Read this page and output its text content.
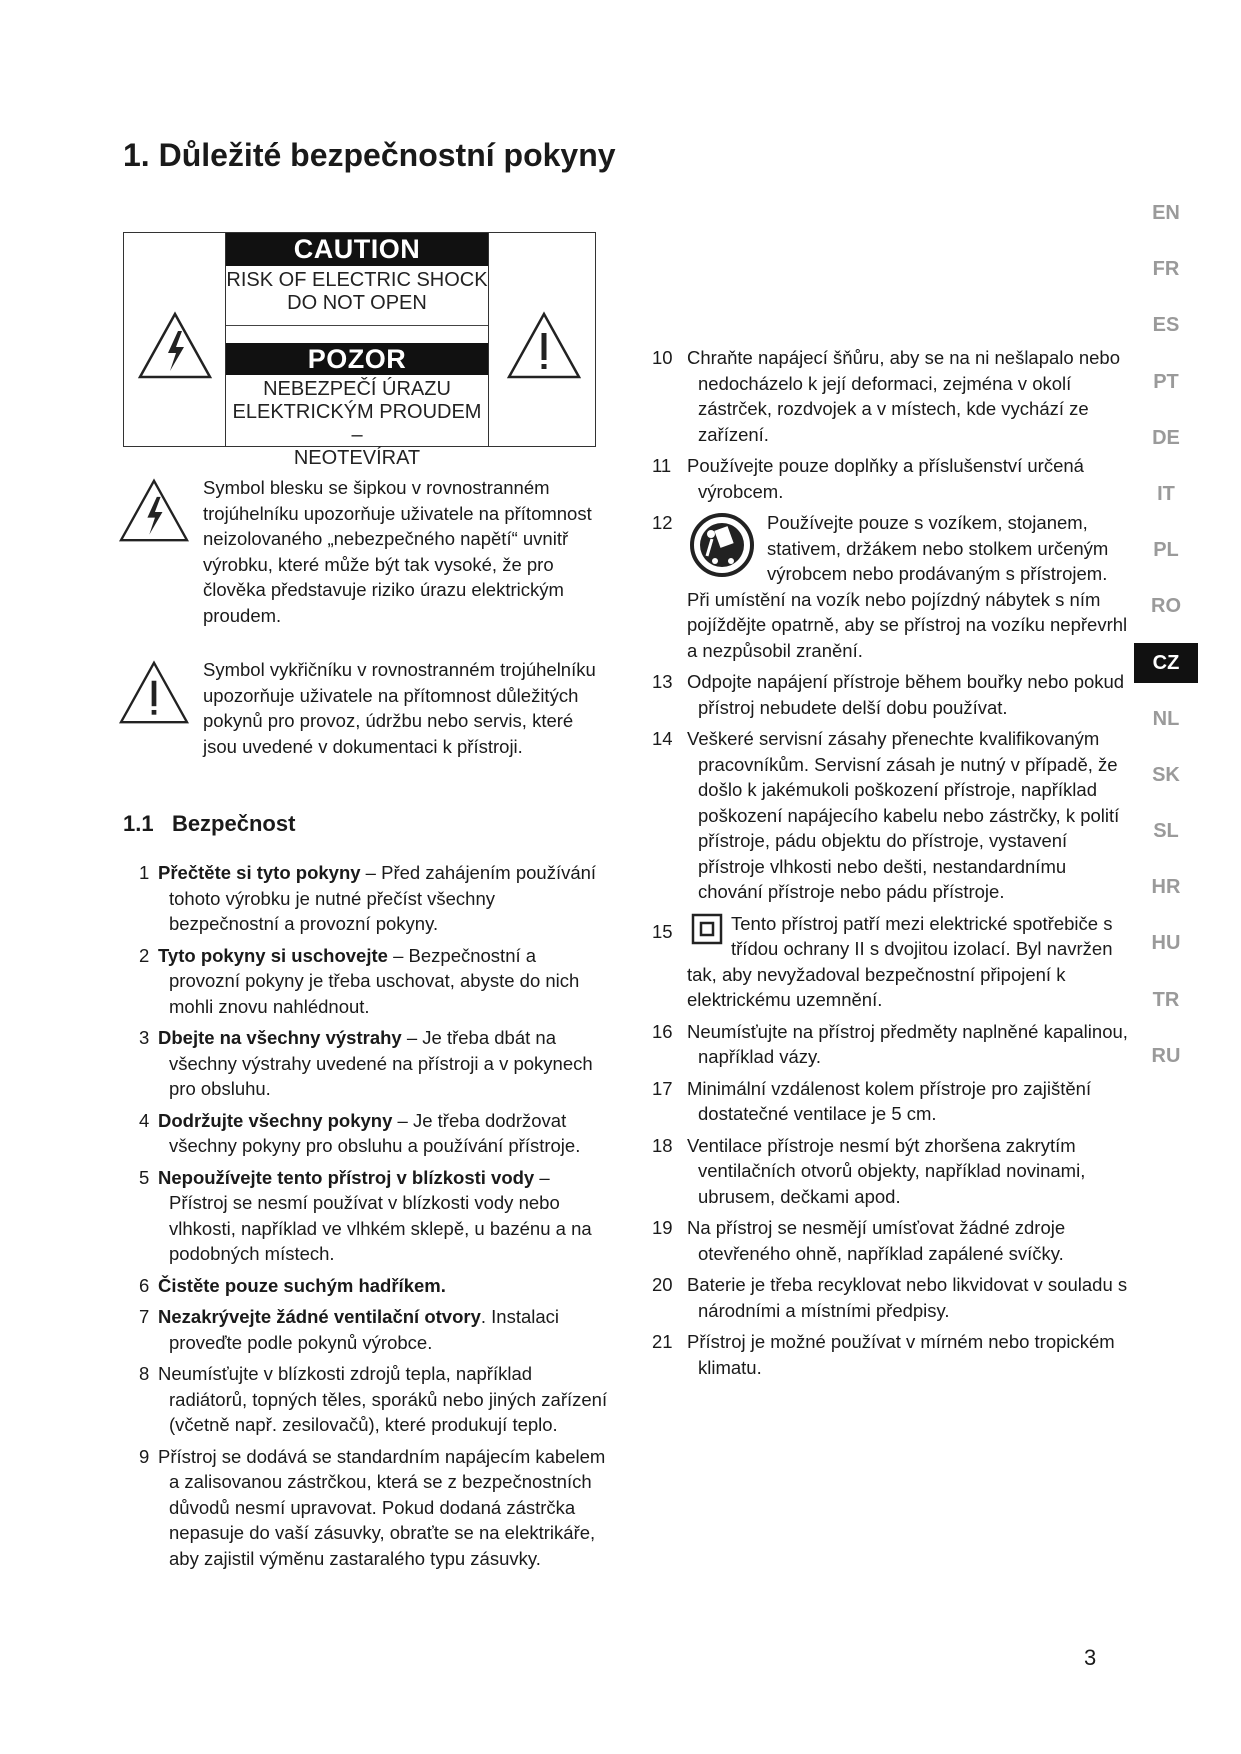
1. Důležité bezpečnostní pokyny
CAUTION
RISK OF ELECTRIC SHOCK
DO NOT OPEN
POZOR
NEBEZPEČÍ ÚRAZU
ELEKTRICKÝM PROUDEM –
NEOTEVÍRAT

Symbol blesku se šipkou v rovnostranném trojúhelníku upozorňuje uživatele na přítomnost neizolovaného „nebezpečného napětí“ uvnitř výrobku, které může být tak vysoké, že pro člověka představuje riziko úrazu elektrickým proudem.

Symbol vykřičníku v rovnostranném trojúhelníku upozorňuje uživatele na přítomnost důležitých pokynů pro provoz, údržbu nebo servis, které jsou uvedené v dokumentaci k přístroji.

1.1 Bezpečnost
1 Přečtěte si tyto pokyny – Před zahájením používání tohoto výrobku je nutné přečíst všechny bezpečnostní a provozní pokyny.
2 Tyto pokyny si uschovejte – Bezpečnostní a provozní pokyny je třeba uschovat, abyste do nich mohli znovu nahlédnout.
3 Dbejte na všechny výstrahy – Je třeba dbát na všechny výstrahy uvedené na přístroji a v pokynech pro obsluhu.
4 Dodržujte všechny pokyny – Je třeba dodržovat všechny pokyny pro obsluhu a používání přístroje.
5 Nepoužívejte tento přístroj v blízkosti vody – Přístroj se nesmí používat v blízkosti vody nebo vlhkosti, například ve vlhkém sklepě, u bazénu a na podobných místech.
6 Čistěte pouze suchým hadříkem.
7 Nezakrývejte žádné ventilační otvory. Instalaci proveďte podle pokynů výrobce.
8 Neumísťujte v blízkosti zdrojů tepla, například radiátorů, topných těles, sporáků nebo jiných zařízení (včetně např. zesilovačů), které produkují teplo.
9 Přístroj se dodává se standardním napájecím kabelem a zalisovanou zástrčkou, která se z bezpečnostních důvodů nesmí upravovat. Pokud dodaná zástrčka nepasuje do vaší zásuvky, obraťte se na elektrikáře, aby zajistil výměnu zastaralého typu zásuvky.
10 Chraňte napájecí šňůru, aby se na ni nešlapalo nebo nedocházelo k její deformaci, zejména v okolí zástrček, rozdvojek a v místech, kde vychází ze zařízení.
11 Používejte pouze doplňky a příslušenství určená výrobcem.
12	Používejte pouze s vozíkem, stojanem, stativem, držákem nebo stolkem určeným výrobcem nebo prodávaným s přístrojem. Při umístění na vozík nebo pojízdný nábytek s ním pojíždějte opatrně, aby se přístroj na vozíku nepřevrhl a nezpůsobil zranění.
13 Odpojte napájení přístroje během bouřky nebo pokud přístroj nebudete delší dobu používat.
14 Veškeré servisní zásahy přenechte kvalifikovaným pracovníkům. Servisní zásah je nutný v případě, že došlo k jakémukoli poškození přístroje, například poškození napájecího kabelu nebo zástrčky, k polití přístroje, pádu objektu do přístroje, vystavení přístroje vlhkosti nebo dešti, nestandardnímu chování přístroje nebo pádu přístroje.
15	Tento přístroj patří mezi elektrické spotřebiče s třídou ochrany II s dvojitou izolací. Byl navržen tak, aby nevyžadoval bezpečnostní připojení k elektrickému uzemnění.
16 Neumísťujte na přístroj předměty naplněné kapalinou, například vázy.
17 Minimální vzdálenost kolem přístroje pro zajištění dostatečné ventilace je 5 cm.
18 Ventilace přístroje nesmí být zhoršena zakrytím ventilačních otvorů objekty, například novinami, ubrusem, dečkami apod.
19 Na přístroj se nesmějí umísťovat žádné zdroje otevřeného ohně, například zapálené svíčky.
20 Baterie je třeba recyklovat nebo likvidovat v souladu s národními a místními předpisy.
21 Přístroj je možné používat v mírném nebo tropickém klimatu.
EN
FR
ES
PT
DE
IT
PL
RO
CZ
NL
SK
SL
HR
HU
TR
RU
3
